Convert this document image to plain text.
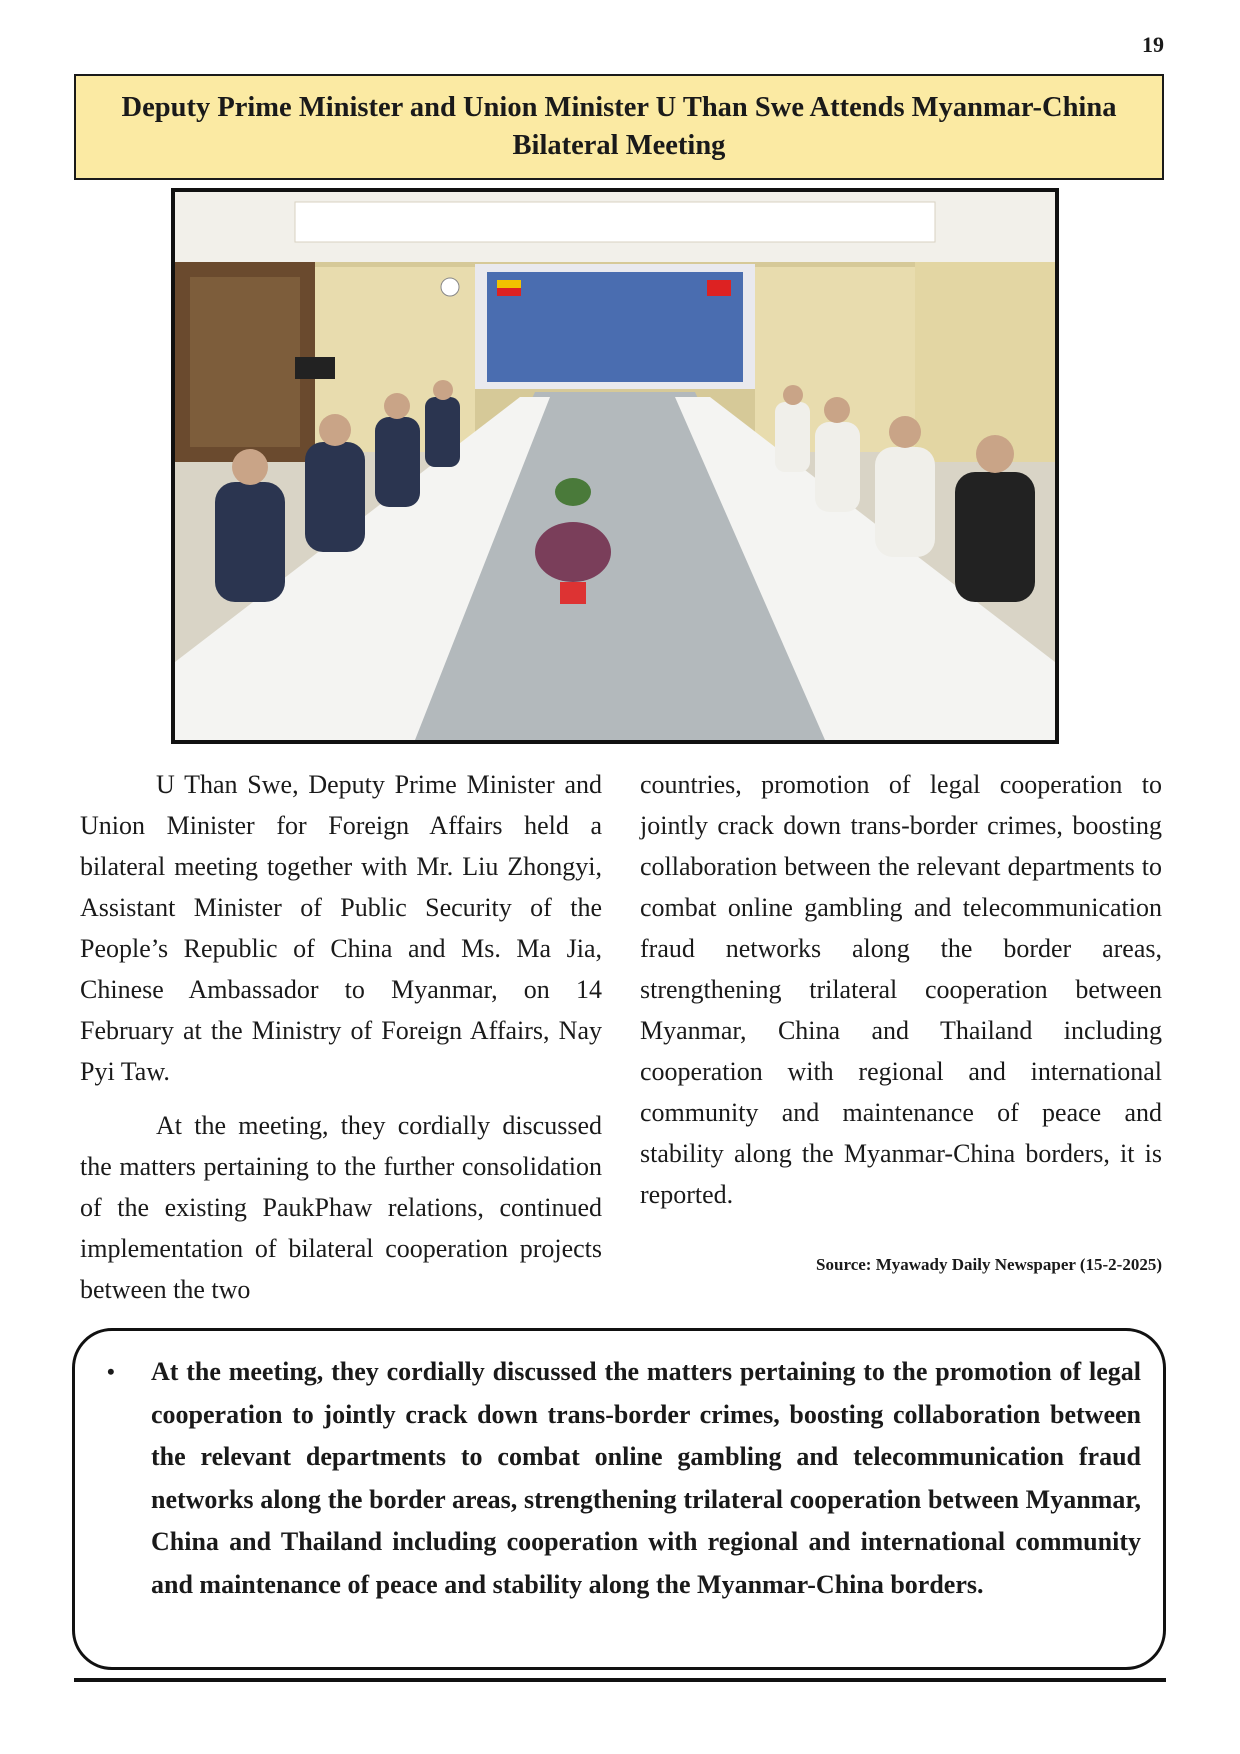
19
Deputy Prime Minister and Union Minister U Than Swe Attends Myanmar-China Bilateral Meeting

U Than Swe, Deputy Prime Minister and Union Minister for Foreign Affairs held a bilateral meeting together with Mr. Liu Zhongyi, Assistant Minister of Public Security of the People’s Republic of China and Ms. Ma Jia, Chinese Ambassador to Myanmar, on 14 February at the Ministry of Foreign Affairs, Nay Pyi Taw.

At the meeting, they cordially discussed the matters pertaining to the further consolidation of the existing PaukPhaw relations, continued implementation of bilateral cooperation projects between the two

countries, promotion of legal cooperation to jointly crack down trans-border crimes, boosting collaboration between the relevant departments to combat online gambling and telecommunication fraud networks along the border areas, strengthening trilateral cooperation between Myanmar, China and Thailand including cooperation with regional and international community and maintenance of peace and stability along the Myanmar-China borders, it is reported.

Source: Myawady Daily Newspaper (15-2-2025)
• At the meeting, they cordially discussed the matters pertaining to the promotion of legal cooperation to jointly crack down trans-border crimes, boosting collaboration between the relevant departments to combat online gambling and telecommunication fraud networks along the border areas, strengthening trilateral cooperation between Myanmar, China and Thailand including cooperation with regional and international community and maintenance of peace and stability along the Myanmar-China borders.
